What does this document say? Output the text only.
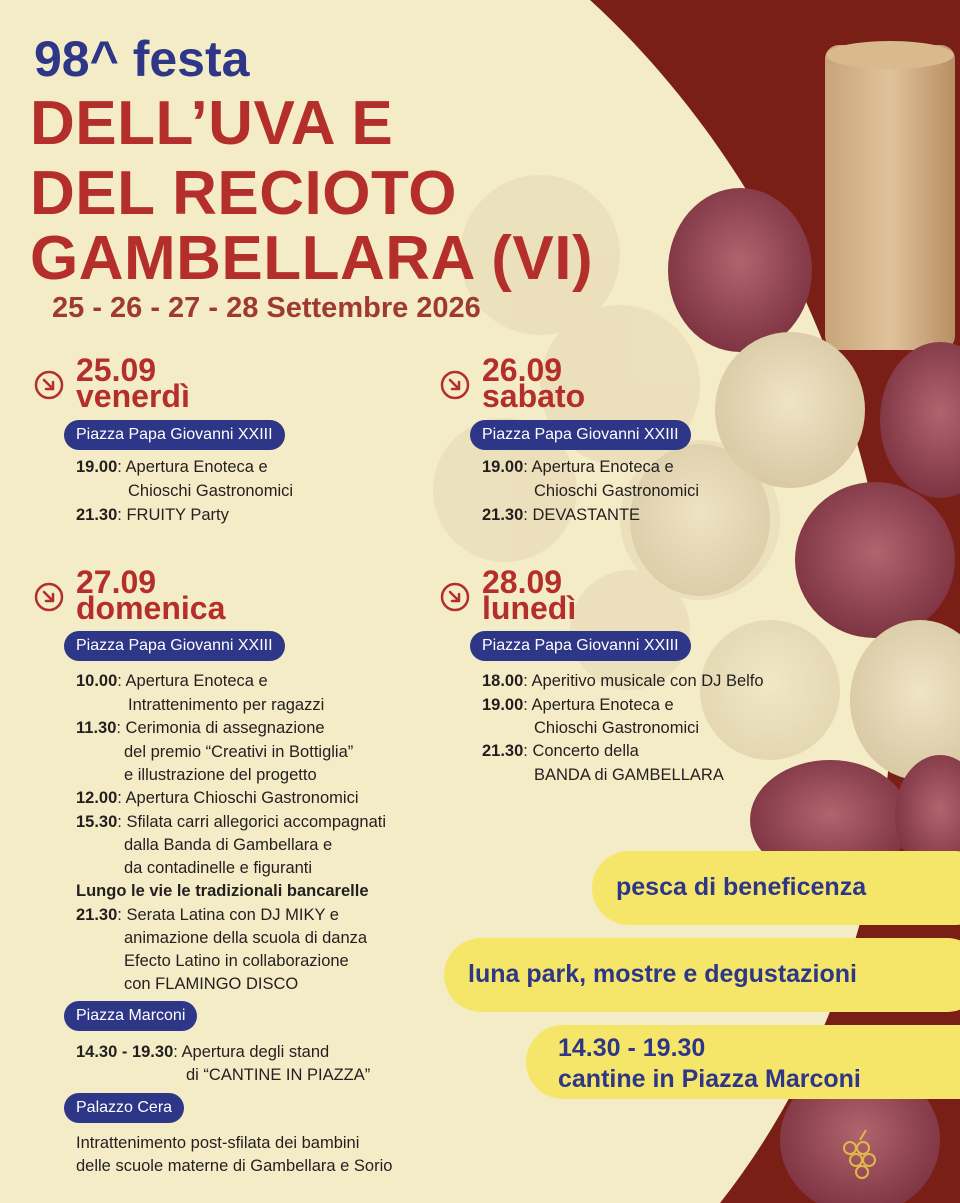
98^ festa
DELL’UVA E
DEL RECIOTO
GAMBELLARA (VI)
25 - 26 - 27 - 28 Settembre 2026
25.09
venerdì
Piazza Papa Giovanni XXIII
19.00: Apertura Enoteca e
Chioschi Gastronomici
21.30: FRUITY Party
26.09
sabato
Piazza Papa Giovanni XXIII
19.00: Apertura Enoteca e
Chioschi Gastronomici
21.30: DEVASTANTE
27.09
domenica
Piazza Papa Giovanni XXIII
10.00: Apertura Enoteca e
Intrattenimento per ragazzi
11.30: Cerimonia di assegnazione
del premio “Creativi in Bottiglia”
e illustrazione del progetto
12.00: Apertura Chioschi Gastronomici
15.30: Sfilata carri allegorici accompagnati
dalla Banda di Gambellara e
da contadinelle e figuranti
Lungo le vie le tradizionali bancarelle
21.30: Serata Latina con DJ MIKY e
animazione della scuola di danza
Efecto Latino in collaborazione
con FLAMINGO DISCO
Piazza Marconi
14.30 - 19.30: Apertura degli stand
di “CANTINE IN PIAZZA”
Palazzo Cera
Intrattenimento post-sfilata dei bambini
delle scuole materne di Gambellara e Sorio
28.09
lunedì
Piazza Papa Giovanni XXIII
18.00: Aperitivo musicale con DJ Belfo
19.00: Apertura Enoteca e
Chioschi Gastronomici
21.30: Concerto della
BANDA di GAMBELLARA
pesca di beneficenza
luna park, mostre e degustazioni
14.30 - 19.30
cantine in Piazza Marconi
